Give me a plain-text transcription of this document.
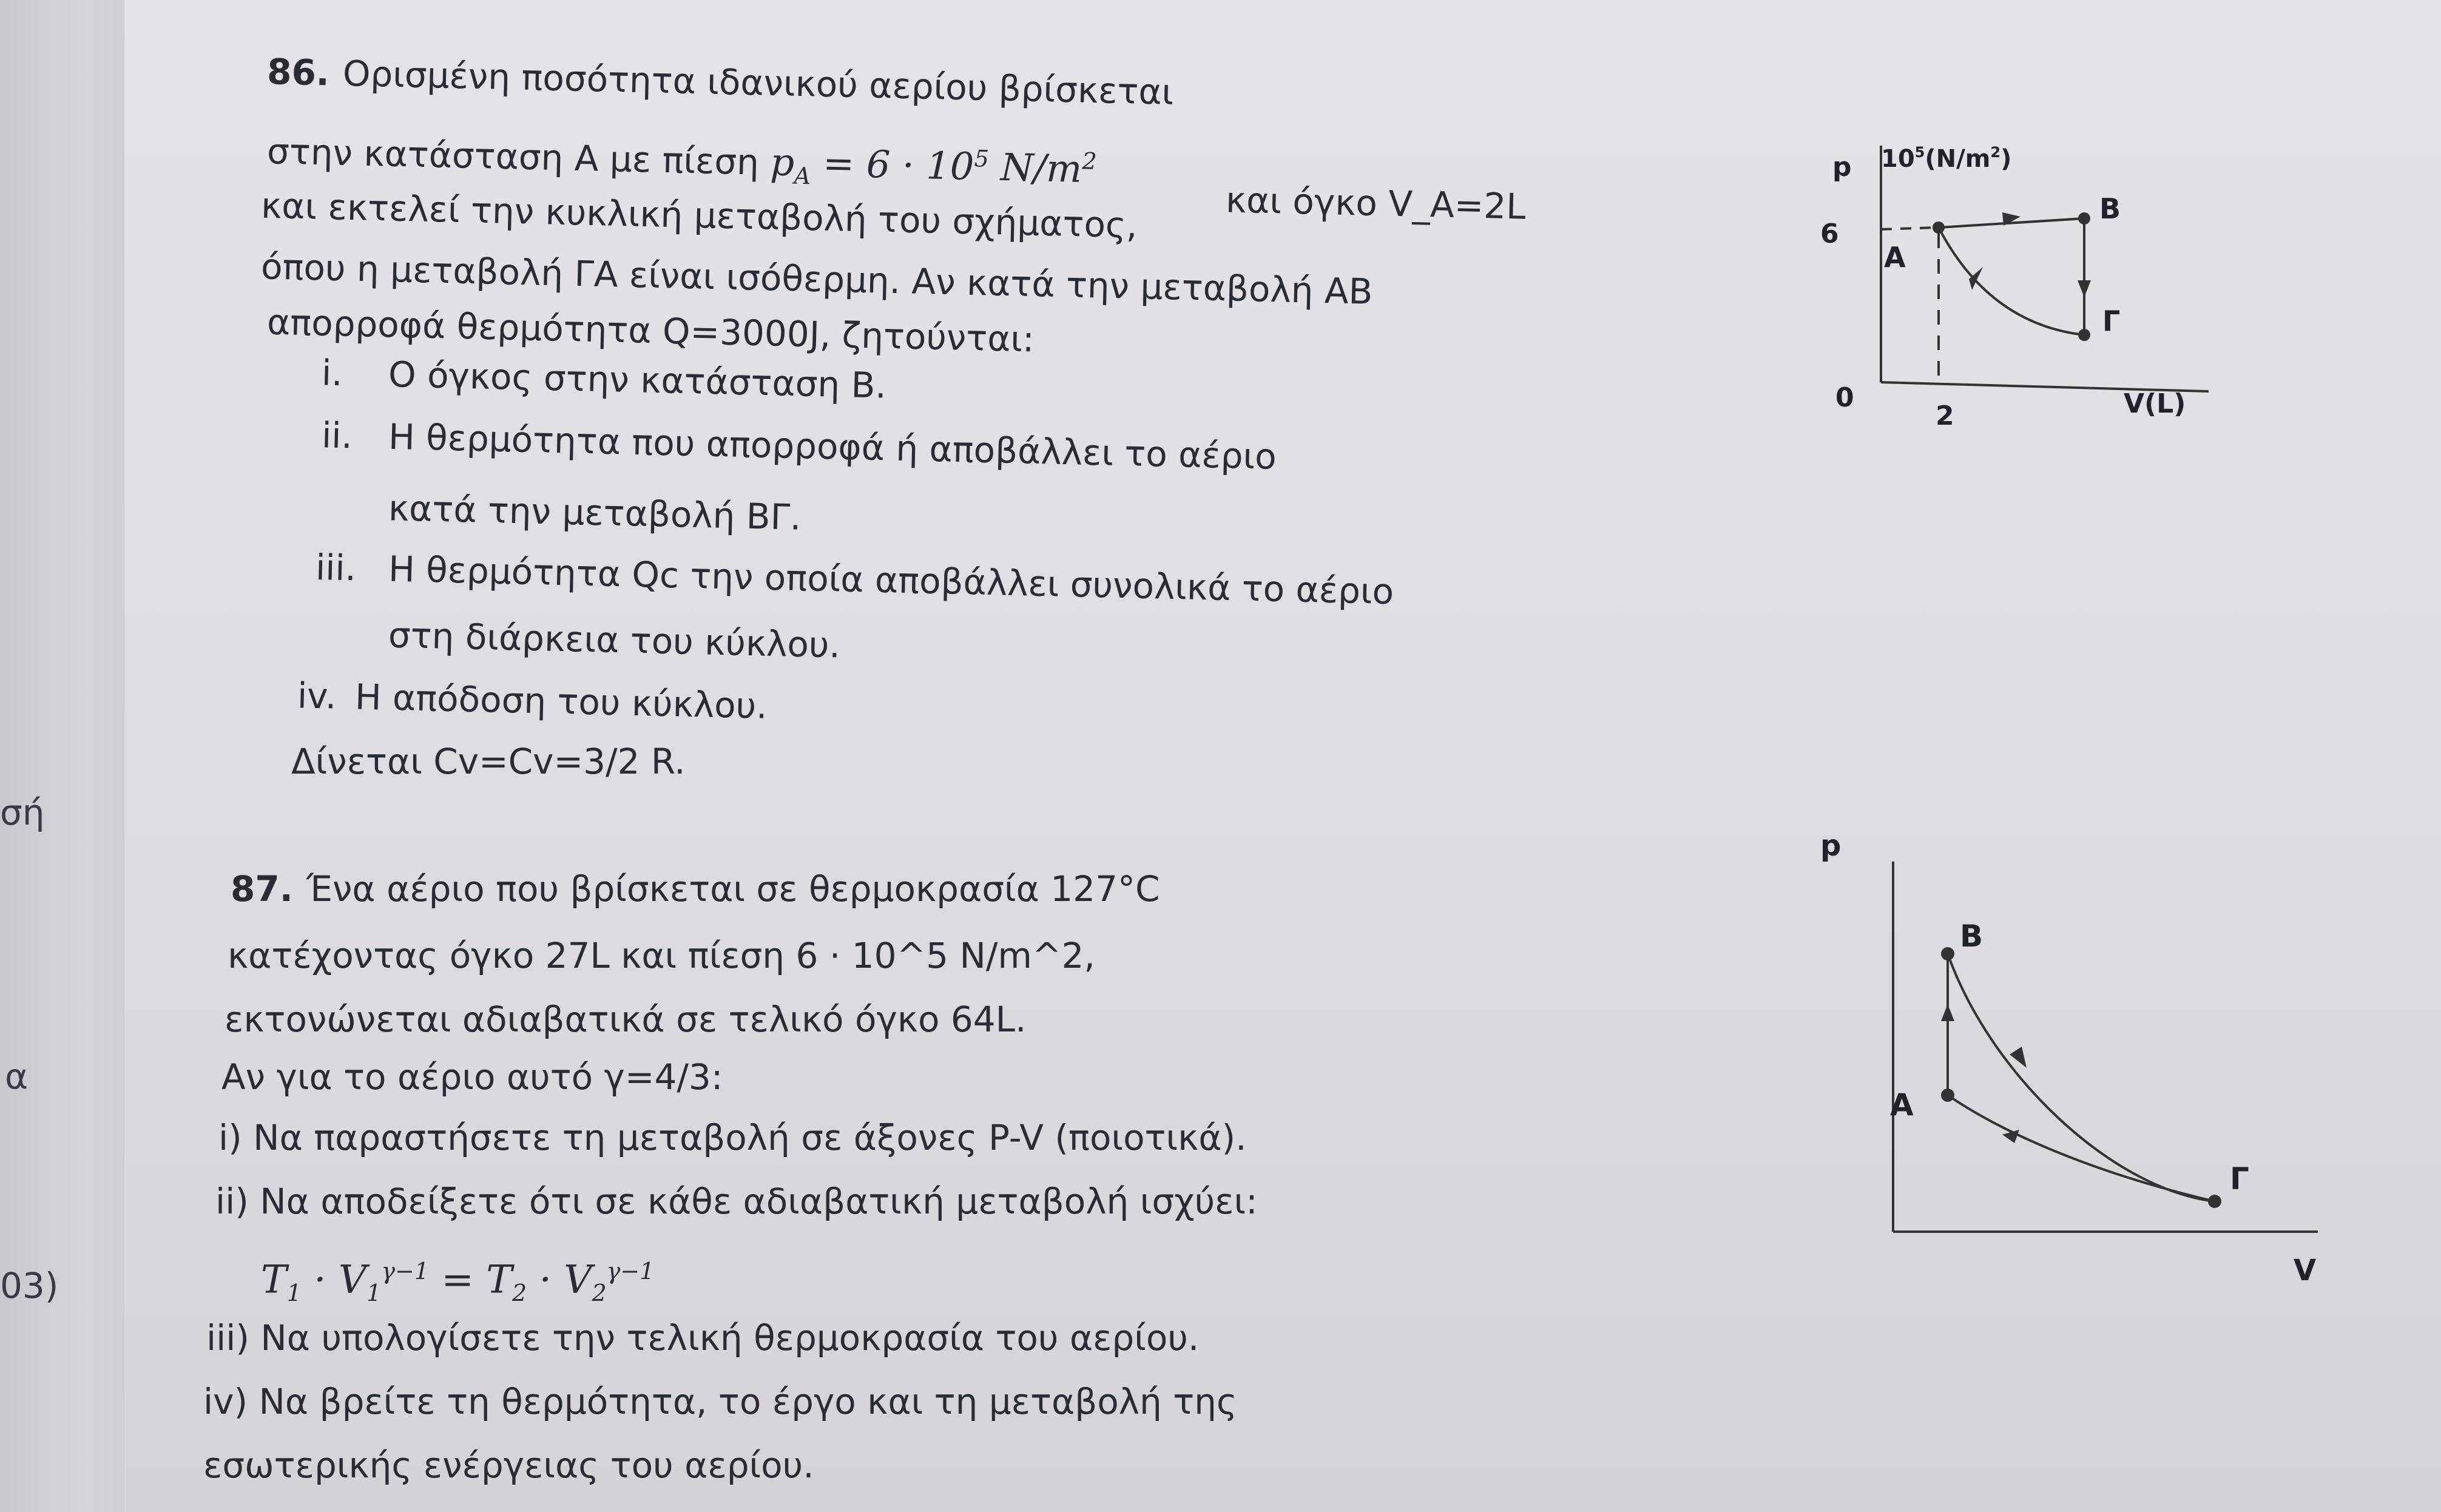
σή
α
03)
86. Ορισμένη ποσότητα ιδανικού αερίου βρίσκεται
στην κατάσταση Α με πίεση $p_A = 6 \cdot 10^5$ $N/m^2$
και όγκο V_A=2L
και εκτελεί την κυκλική μεταβολή του σχήματος,
όπου η μεταβολή ΓΑ είναι ισόθερμη. Αν κατά την μεταβολή ΑΒ
απορροφά θερμότητα Q=3000J, ζητούνται:
i. Ο όγκος στην κατάσταση Β.
ii. Η θερμότητα που απορροφά ή αποβάλλει το αέριο
κατά την μεταβολή ΒΓ.
iii. Η θερμότητα Qc την οποία αποβάλλει συνολικά το αέριο
στη διάρκεια του κύκλου.
iv. Η απόδοση του κύκλου.
Δίνεται Cv=Cv=3/2 R.
p $10^5(N/m^2)$
6
0
2	V(L)
A
B
Γ
87. Ένα αέριο που βρίσκεται σε θερμοκρασία 127°C
κατέχοντας όγκο 27L και πίεση 6 · 10^5 N/m^2,
εκτονώνεται αδιαβατικά σε τελικό όγκο 64L.
Αν για το αέριο αυτό γ=4/3:
i) Να παραστήσετε τη μεταβολή σε άξονες P-V (ποιοτικά).
ii) Να αποδείξετε ότι σε κάθε αδιαβατική μεταβολή ισχύει:
$T_1 \cdot V_1^{\gamma-1} = T_2 \cdot V_2^{\gamma-1}$
iii) Να υπολογίσετε την τελική θερμοκρασία του αερίου.
iv) Να βρείτε τη θερμότητα, το έργο και τη μεταβολή της
εσωτερικής ενέργειας του αερίου.
p
V
B
A
Γ
